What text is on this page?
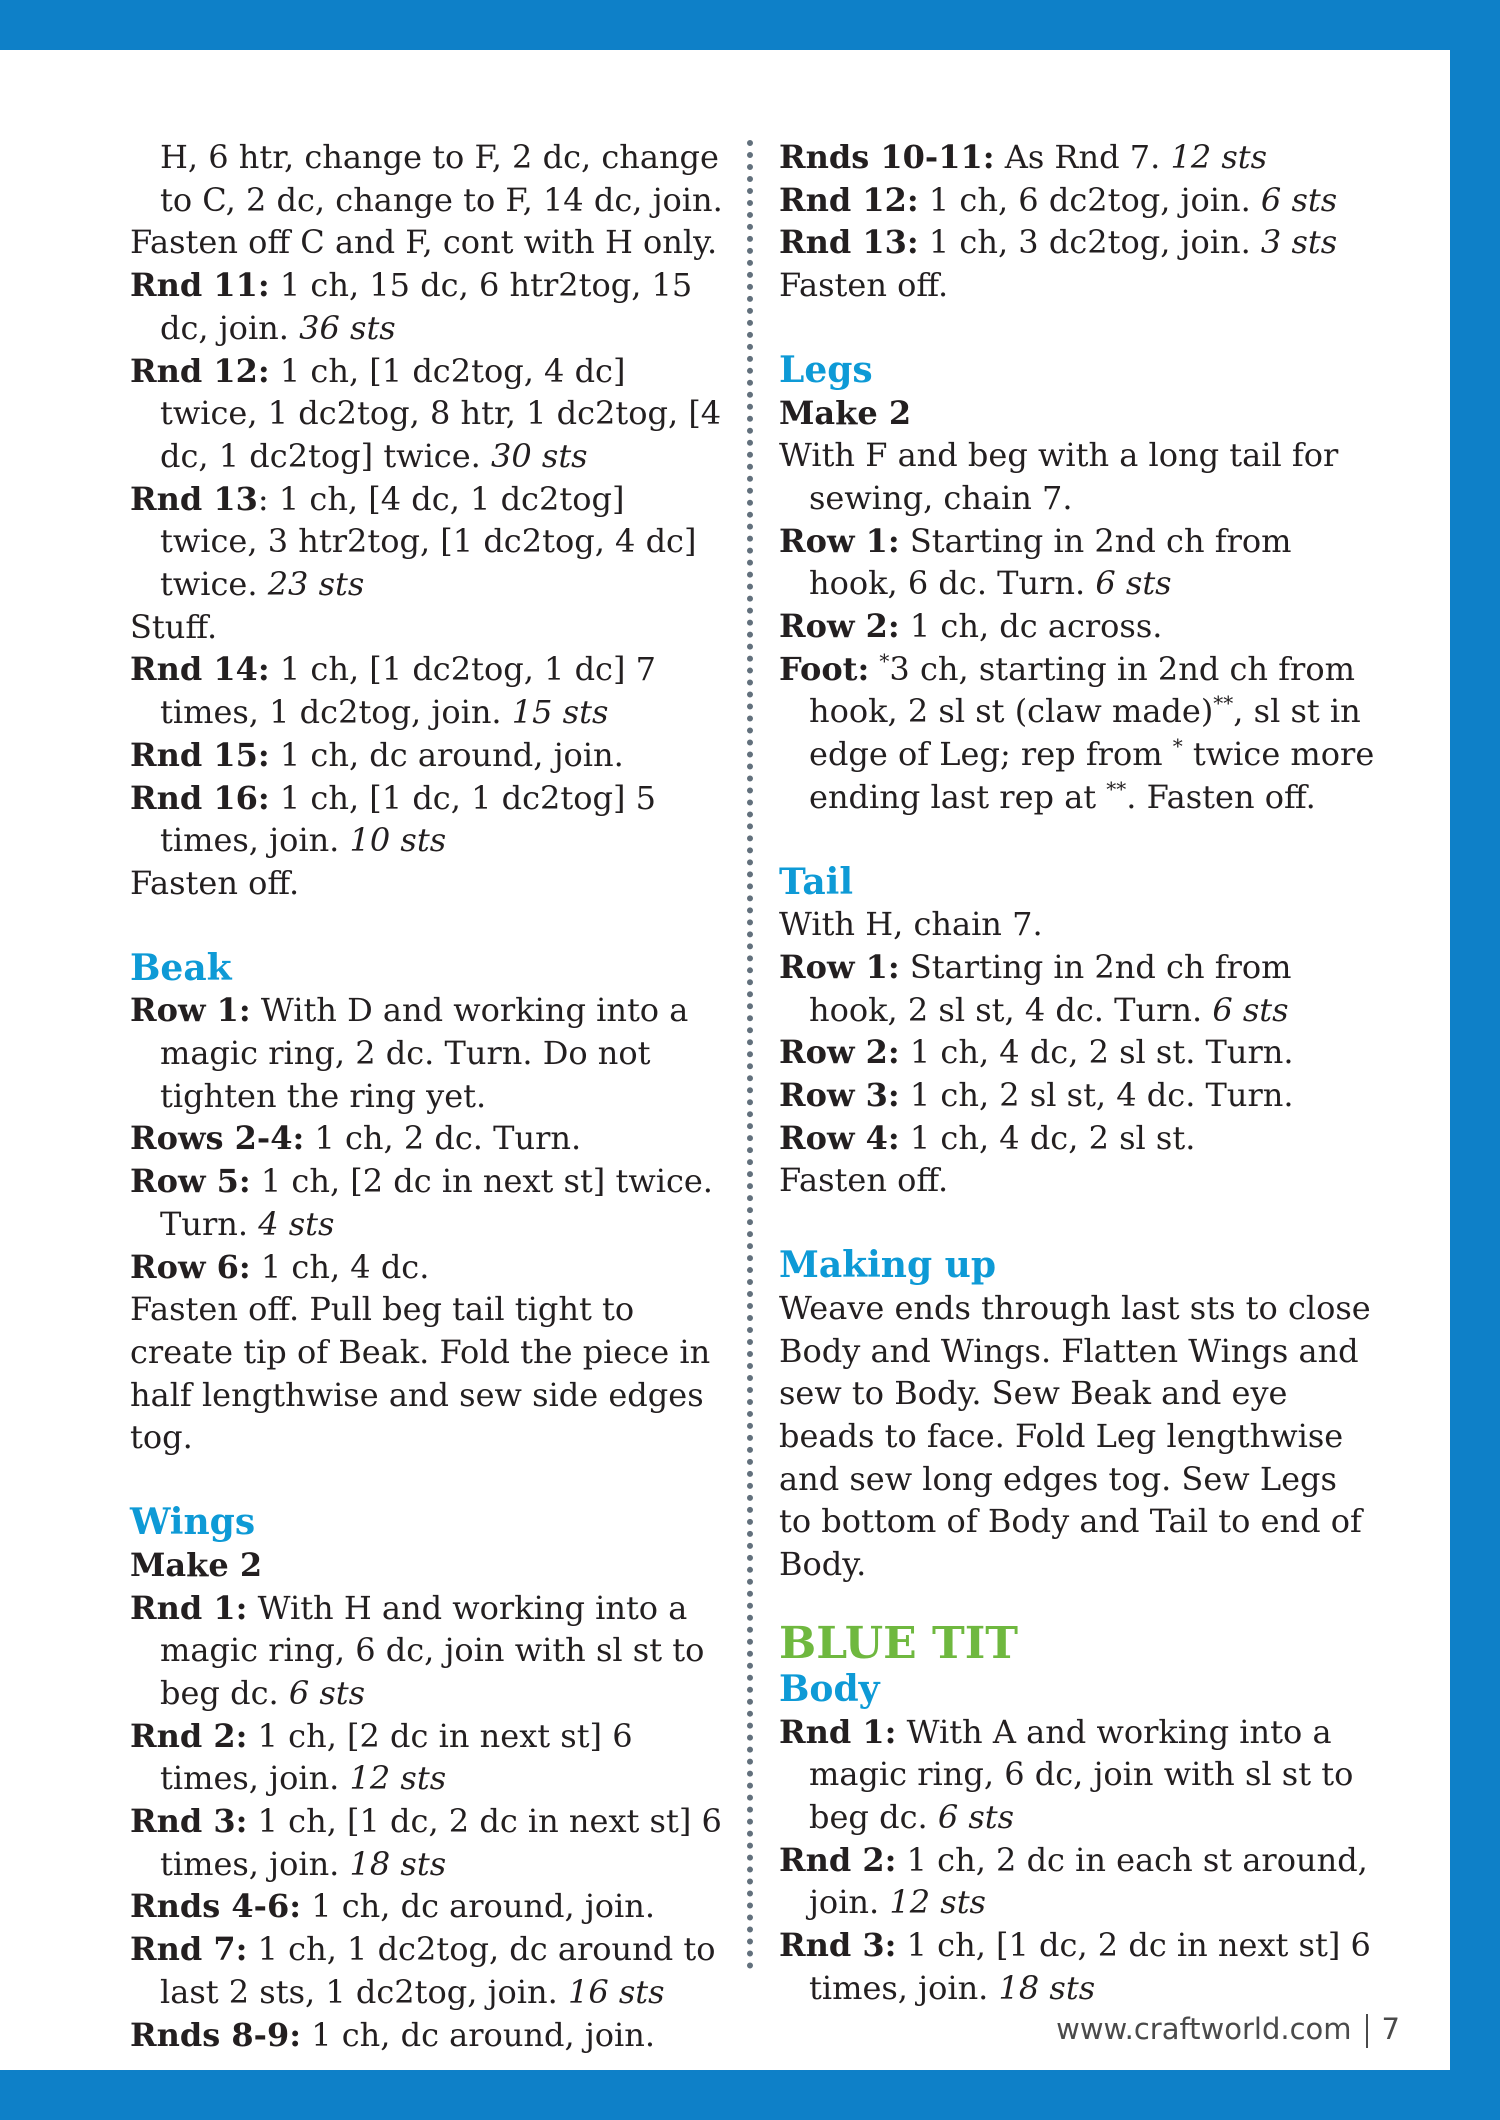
H, 6 htr, change to F, 2 dc, change to C, 2 dc, change to F, 14 dc, join.

Fasten off C and F, cont with H only.

Rnd 11: 1 ch, 15 dc, 6 htr2tog, 15 dc, join. 36 sts

Rnd 12: 1 ch, [1 dc2tog, 4 dc] twice, 1 dc2tog, 8 htr, 1 dc2tog, [4 dc, 1 dc2tog] twice. 30 sts

Rnd 13: 1 ch, [4 dc, 1 dc2tog] twice, 3 htr2tog, [1 dc2tog, 4 dc] twice. 23 sts

Stuff.

Rnd 14: 1 ch, [1 dc2tog, 1 dc] 7 times, 1 dc2tog, join. 15 sts

Rnd 15: 1 ch, dc around, join.

Rnd 16: 1 ch, [1 dc, 1 dc2tog] 5 times, join. 10 sts

Fasten off.

Beak

Row 1: With D and working into a magic ring, 2 dc. Turn. Do not tighten the ring yet.

Rows 2-4: 1 ch, 2 dc. Turn.

Row 5: 1 ch, [2 dc in next st] twice. Turn. 4 sts

Row 6: 1 ch, 4 dc.

Fasten off. Pull beg tail tight to create tip of Beak. Fold the piece in half lengthwise and sew side edges tog.

Wings

Make 2

Rnd 1: With H and working into a magic ring, 6 dc, join with sl st to beg dc. 6 sts

Rnd 2: 1 ch, [2 dc in next st] 6 times, join. 12 sts

Rnd 3: 1 ch, [1 dc, 2 dc in next st] 6 times, join. 18 sts

Rnds 4-6: 1 ch, dc around, join.

Rnd 7: 1 ch, 1 dc2tog, dc around to last 2 sts, 1 dc2tog, join. 16 sts

Rnds 8-9: 1 ch, dc around, join.

Rnds 10-11: As Rnd 7. 12 sts

Rnd 12: 1 ch, 6 dc2tog, join. 6 sts

Rnd 13: 1 ch, 3 dc2tog, join. 3 sts

Fasten off.

Legs

Make 2

With F and beg with a long tail for sewing, chain 7.

Row 1: Starting in 2nd ch from hook, 6 dc. Turn. 6 sts

Row 2: 1 ch, dc across.

Foot: *3 ch, starting in 2nd ch from hook, 2 sl st (claw made)**, sl st in edge of Leg; rep from * twice more ending last rep at **. Fasten off.

Tail

With H, chain 7.

Row 1: Starting in 2nd ch from hook, 2 sl st, 4 dc. Turn. 6 sts

Row 2: 1 ch, 4 dc, 2 sl st. Turn.

Row 3: 1 ch, 2 sl st, 4 dc. Turn.

Row 4: 1 ch, 4 dc, 2 sl st.

Fasten off.

Making up

Weave ends through last sts to close Body and Wings. Flatten Wings and sew to Body. Sew Beak and eye beads to face. Fold Leg lengthwise and sew long edges tog. Sew Legs to bottom of Body and Tail to end of Body.

BLUE TIT
Body

Rnd 1: With A and working into a magic ring, 6 dc, join with sl st to beg dc. 6 sts

Rnd 2: 1 ch, 2 dc in each st around, join. 12 sts

Rnd 3: 1 ch, [1 dc, 2 dc in next st] 6 times, join. 18 sts

www.craftworld.com 7
